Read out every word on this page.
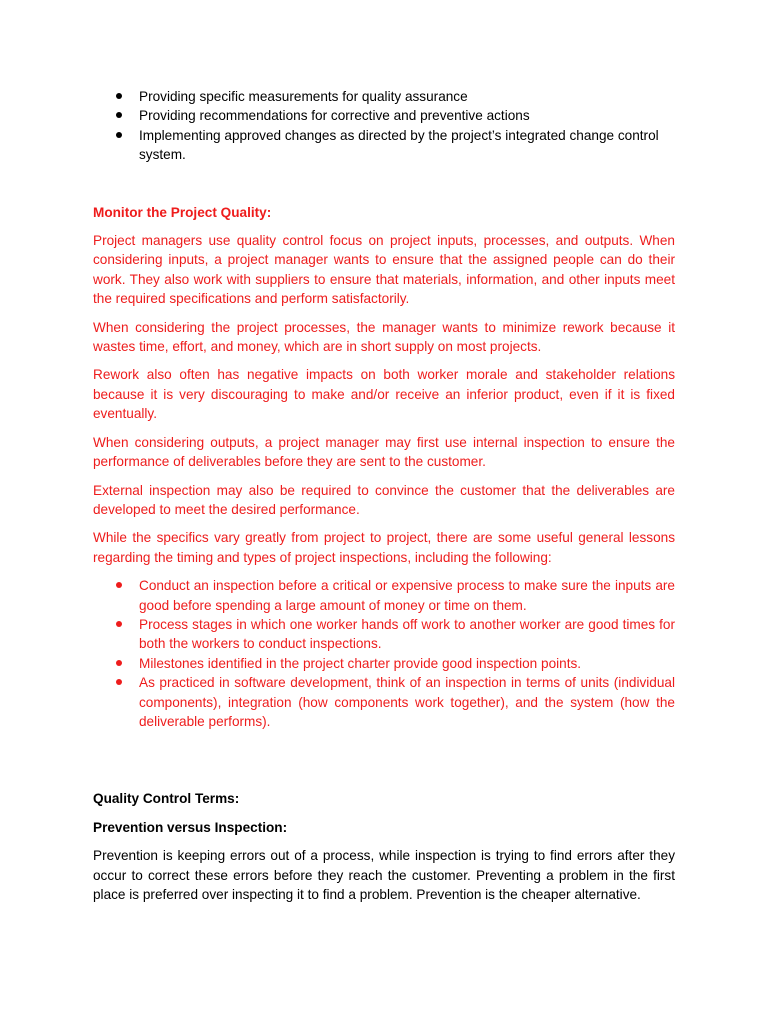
Providing specific measurements for quality assurance
Providing recommendations for corrective and preventive actions
Implementing approved changes as directed by the project’s integrated change control system.

Monitor the Project Quality:

Project managers use quality control focus on project inputs, processes, and outputs. When considering inputs, a project manager wants to ensure that the assigned people can do their work. They also work with suppliers to ensure that materials, information, and other inputs meet the required specifications and perform satisfactorily.

When considering the project processes, the manager wants to minimize rework because it wastes time, effort, and money, which are in short supply on most projects.

Rework also often has negative impacts on both worker morale and stakeholder relations because it is very discouraging to make and/or receive an inferior product, even if it is fixed eventually.

When considering outputs, a project manager may first use internal inspection to ensure the performance of deliverables before they are sent to the customer.

External inspection may also be required to convince the customer that the deliverables are developed to meet the desired performance.

While the specifics vary greatly from project to project, there are some useful general lessons regarding the timing and types of project inspections, including the following:

Conduct an inspection before a critical or expensive process to make sure the inputs are good before spending a large amount of money or time on them.
Process stages in which one worker hands off work to another worker are good times for both the workers to conduct inspections.
Milestones identified in the project charter provide good inspection points.
As practiced in software development, think of an inspection in terms of units (individual components), integration (how components work together), and the system (how the deliverable performs).

Quality Control Terms:

Prevention versus Inspection:

Prevention is keeping errors out of a process, while inspection is trying to find errors after they occur to correct these errors before they reach the customer. Preventing a problem in the first place is preferred over inspecting it to find a problem. Prevention is the cheaper alternative.
